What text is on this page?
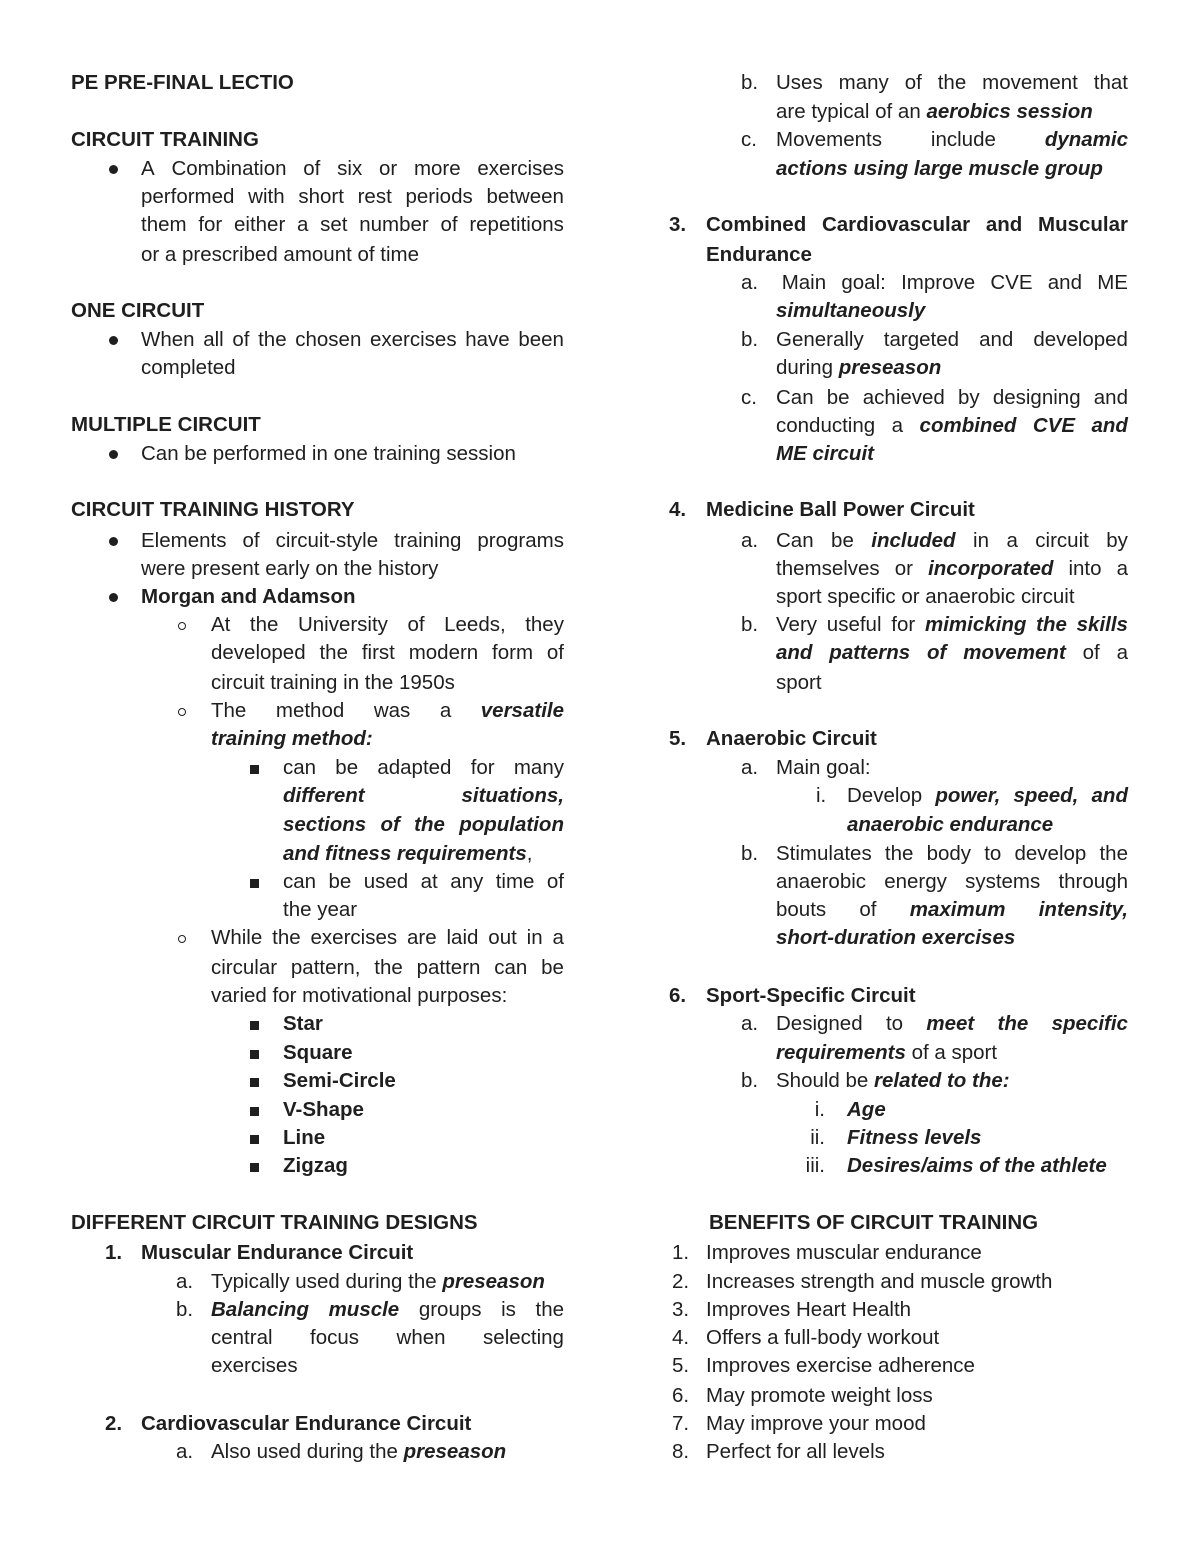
PE PRE-FINAL LECTIO
CIRCUIT TRAINING
A Combination of six or more exercises
performed with short rest periods between
them for either a set number of repetitions
or a prescribed amount of time
ONE CIRCUIT
When all of the chosen exercises have been
completed
MULTIPLE CIRCUIT
Can be performed in one training session
CIRCUIT TRAINING HISTORY
Elements of circuit-style training programs
were present early on the history
Morgan and Adamson
At the University of Leeds, they
developed the first modern form of
circuit training in the 1950s
The method was a versatile
training method:
can be adapted for many
different	situations,
sections of the population
and fitness requirements,
can be used at any time of
the year
While the exercises are laid out in a
circular pattern, the pattern can be
varied for motivational purposes:
Star
Square
Semi-Circle
V-Shape
Line
Zigzag
DIFFERENT CIRCUIT TRAINING DESIGNS
1. Muscular Endurance Circuit
a. Typically used during the preseason
b. Balancing muscle groups is the
central focus when selecting
exercises
2. Cardiovascular Endurance Circuit
a. Also used during the preseason
b. Uses many of the movement that
are typical of an aerobics session
c. Movements include dynamic
actions using large muscle group
3. Combined Cardiovascular and Muscular
Endurance
a. Main goal: Improve CVE and ME
simultaneously
b. Generally targeted and developed
during preseason
c. Can be achieved by designing and
conducting a combined CVE and
ME circuit
4. Medicine Ball Power Circuit
a. Can be included in a circuit by
themselves or incorporated into a
sport specific or anaerobic circuit
b. Very useful for mimicking the skills
and patterns of movement of a
sport
5. Anaerobic Circuit
a. Main goal:
i. Develop power, speed, and
anaerobic endurance
b. Stimulates the body to develop the
anaerobic energy systems through
bouts of maximum intensity,
short-duration exercises
6. Sport-Specific Circuit
a. Designed to meet the specific
requirements of a sport
b. Should be related to the:
i. Age
ii. Fitness levels
iii. Desires/aims of the athlete
BENEFITS OF CIRCUIT TRAINING
1. Improves muscular endurance
2. Increases strength and muscle growth
3. Improves Heart Health
4. Offers a full-body workout
5. Improves exercise adherence
6. May promote weight loss
7. May improve your mood
8. Perfect for all levels
